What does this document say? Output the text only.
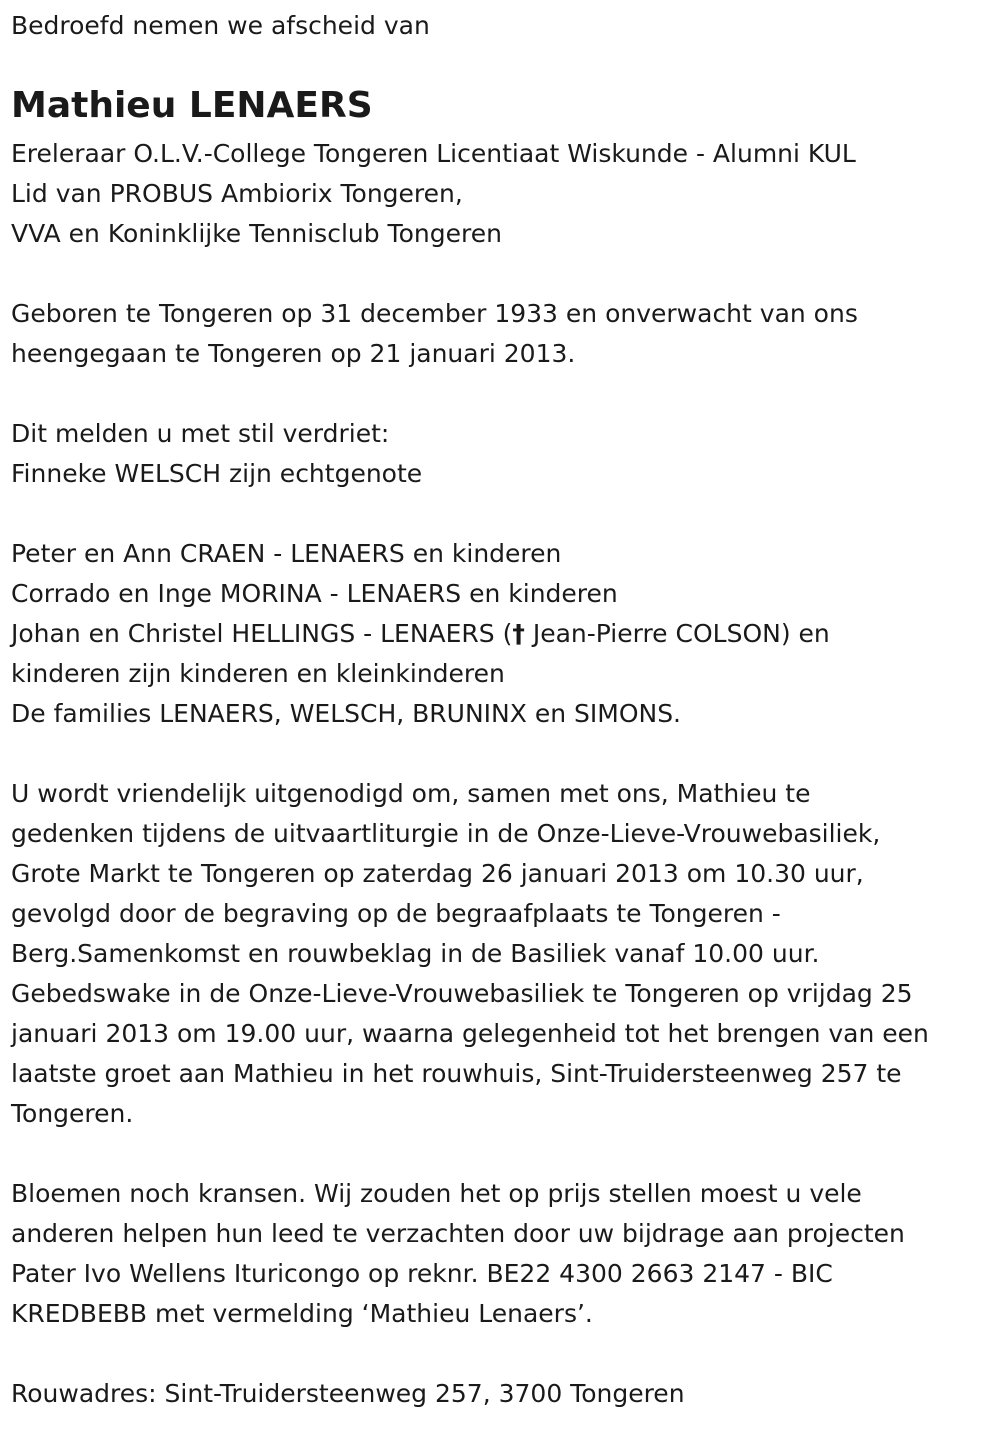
Bedroefd nemen we afscheid van
Mathieu LENAERS
Ereleraar O.L.V.-College Tongeren Licentiaat Wiskunde - Alumni KUL
Lid van PROBUS Ambiorix Tongeren,
VVA en Koninklijke Tennisclub Tongeren
Geboren te Tongeren op 31 december 1933 en onverwacht van ons
heengegaan te Tongeren op 21 januari 2013.
Dit melden u met stil verdriet:
Finneke WELSCH zijn echtgenote
Peter en Ann CRAEN - LENAERS en kinderen
Corrado en Inge MORINA - LENAERS en kinderen
Johan en Christel HELLINGS - LENAERS († Jean-Pierre COLSON) en
kinderen zijn kinderen en kleinkinderen
De families LENAERS, WELSCH, BRUNINX en SIMONS.
U wordt vriendelijk uitgenodigd om, samen met ons, Mathieu te
gedenken tijdens de uitvaartliturgie in de Onze-Lieve-Vrouwebasiliek,
Grote Markt te Tongeren op zaterdag 26 januari 2013 om 10.30 uur,
gevolgd door de begraving op de begraafplaats te Tongeren -
Berg.Samenkomst en rouwbeklag in de Basiliek vanaf 10.00 uur.
Gebedswake in de Onze-Lieve-Vrouwebasiliek te Tongeren op vrijdag 25
januari 2013 om 19.00 uur, waarna gelegenheid tot het brengen van een
laatste groet aan Mathieu in het rouwhuis, Sint-Truidersteenweg 257 te
Tongeren.
Bloemen noch kransen. Wij zouden het op prijs stellen moest u vele
anderen helpen hun leed te verzachten door uw bijdrage aan projecten
Pater Ivo Wellens Ituricongo op reknr. BE22 4300 2663 2147 - BIC
KREDBEBB met vermelding ‘Mathieu Lenaers’.
Rouwadres: Sint-Truidersteenweg 257, 3700 Tongeren
